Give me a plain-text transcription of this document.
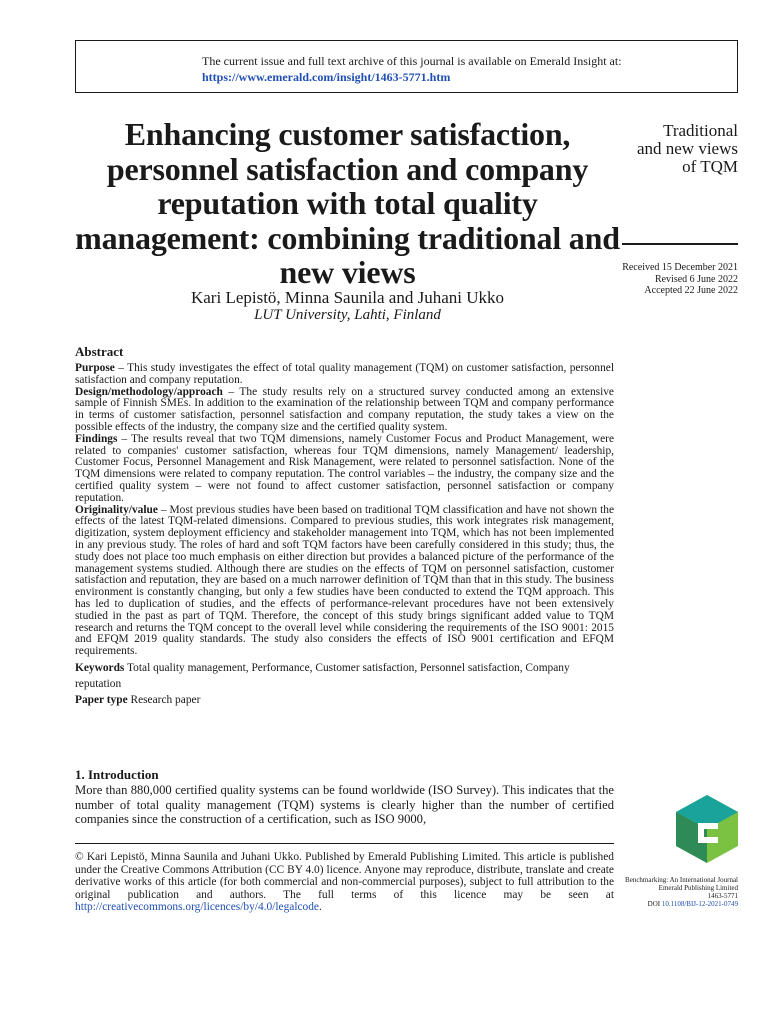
The current issue and full text archive of this journal is available on Emerald Insight at:
https://www.emerald.com/insight/1463-5771.htm
Enhancing customer satisfaction, personnel satisfaction and company reputation with total quality management: combining traditional and new views
Kari Lepistö, Minna Saunila and Juhani Ukko
LUT University, Lahti, Finland
Traditional
and new views
of TQM
Received 15 December 2021
Revised 6 June 2022
Accepted 22 June 2022
Abstract

Purpose – This study investigates the effect of total quality management (TQM) on customer satisfaction, personnel satisfaction and company reputation.

Design/methodology/approach – The study results rely on a structured survey conducted among an extensive sample of Finnish SMEs. In addition to the examination of the relationship between TQM and company performance in terms of customer satisfaction, personnel satisfaction and company reputation, the study takes a view on the possible effects of the industry, the company size and the certified quality system.

Findings – The results reveal that two TQM dimensions, namely Customer Focus and Product Management, were related to companies' customer satisfaction, whereas four TQM dimensions, namely Management/ leadership, Customer Focus, Personnel Management and Risk Management, were related to personnel satisfaction. None of the TQM dimensions were related to company reputation. The control variables – the industry, the company size and the certified quality system – were not found to affect customer satisfaction, personnel satisfaction or company reputation.

Originality/value – Most previous studies have been based on traditional TQM classification and have not shown the effects of the latest TQM-related dimensions. Compared to previous studies, this work integrates risk management, digitization, system deployment efficiency and stakeholder management into TQM, which has not been implemented in any previous study. The roles of hard and soft TQM factors have been carefully considered in this study; thus, the study does not place too much emphasis on either direction but provides a balanced picture of the performance of the management systems studied. Although there are studies on the effects of TQM on personnel satisfaction, customer satisfaction and reputation, they are based on a much narrower definition of TQM than that in this study. The business environment is constantly changing, but only a few studies have been conducted to extend the TQM approach. This has led to duplication of studies, and the effects of performance-relevant procedures have not been extensively studied in the past as part of TQM. Therefore, the concept of this study brings significant added value to TQM research and returns the TQM concept to the overall level while considering the requirements of the ISO 9001: 2015 and EFQM 2019 quality standards. The study also considers the effects of ISO 9001 certification and EFQM requirements.

Keywords Total quality management, Performance, Customer satisfaction, Personnel satisfaction, Company reputation

Paper type Research paper

1. Introduction

More than 880,000 certified quality systems can be found worldwide (ISO Survey). This indicates that the number of total quality management (TQM) systems is clearly higher than the number of certified companies since the construction of a certification, such as ISO 9000,

© Kari Lepistö, Minna Saunila and Juhani Ukko. Published by Emerald Publishing Limited. This article is published under the Creative Commons Attribution (CC BY 4.0) licence. Anyone may reproduce, distribute, translate and create derivative works of this article (for both commercial and non-commercial purposes), subject to full attribution to the original publication and authors. The full terms of this licence may be seen at http://creativecommons.org/licences/by/4.0/legalcode.
Benchmarking: An International Journal
Emerald Publishing Limited
1463-5771
DOI 10.1108/BIJ-12-2021-0749
